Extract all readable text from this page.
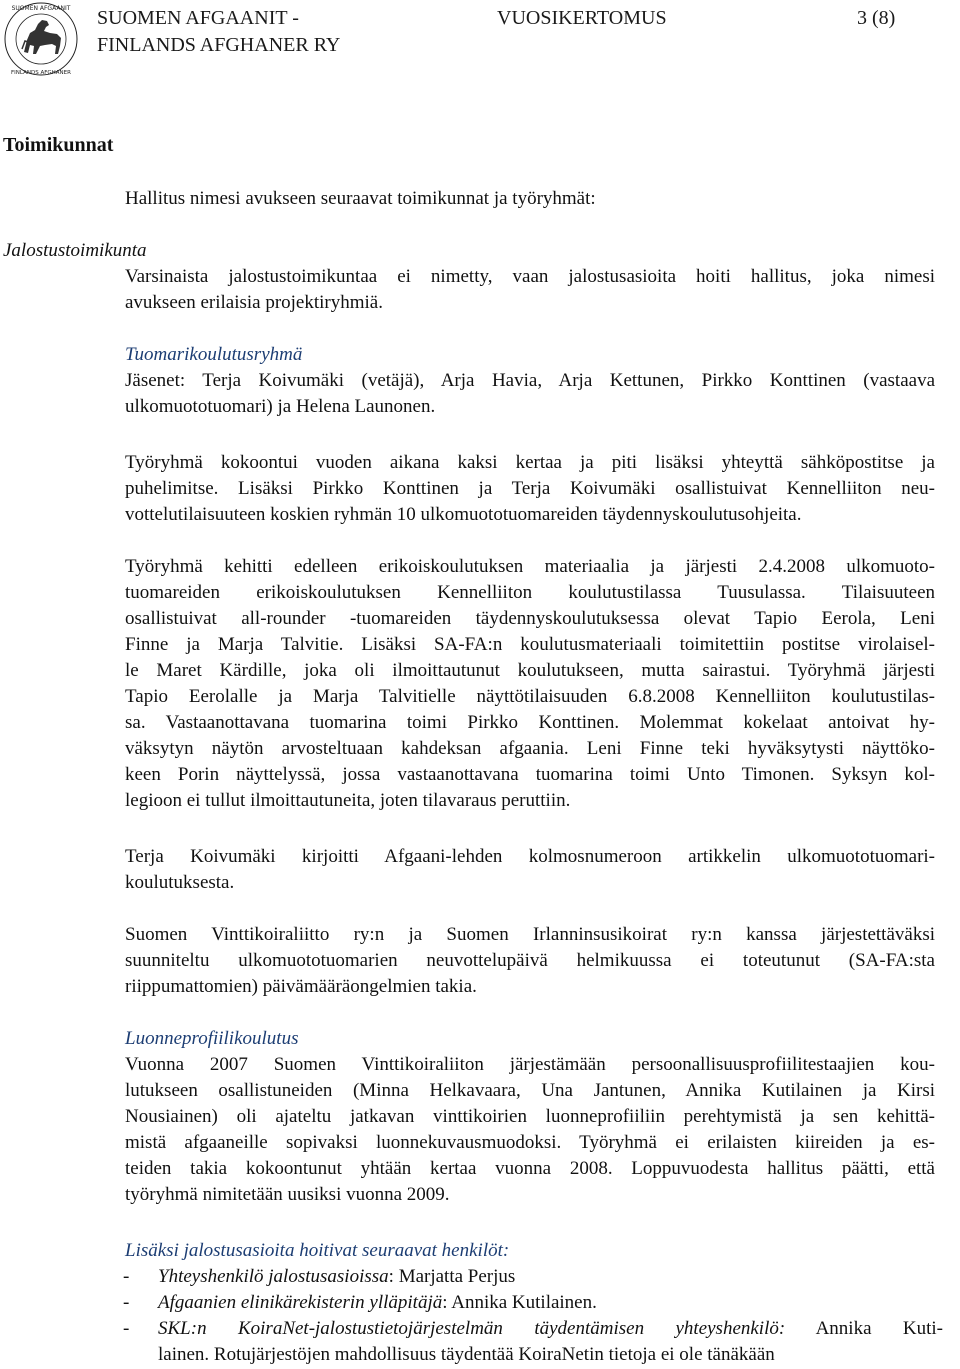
SUOMEN AFGAANIT
FINLANDS AFGHANER
SUOMEN AFGAANIT -
FINLANDS AFGHANER RY
VUOSIKERTOMUS	3 (8)
Toimikunnat
Hallitus nimesi avukseen seuraavat toimikunnat ja työryhmät:
Jalostustoimikunta
Varsinaista jalostustoimikuntaa ei nimetty, vaan jalostusasioita hoiti hallitus, joka nimesi
avukseen erilaisia projektiryhmiä.
Tuomarikoulutusryhmä
Jäsenet: Terja Koivumäki (vetäjä), Arja Havia, Arja Kettunen, Pirkko Konttinen (vastaava
ulkomuototuomari) ja Helena Launonen.
Työryhmä kokoontui vuoden aikana kaksi kertaa ja piti lisäksi yhteyttä sähköpostitse ja
puhelimitse. Lisäksi Pirkko Konttinen ja Terja Koivumäki osallistuivat Kennelliiton neu-
vottelutilaisuuteen koskien ryhmän 10 ulkomuototuomareiden täydennyskoulutusohjeita.
Työryhmä kehitti edelleen erikoiskoulutuksen materiaalia ja järjesti 2.4.2008 ulkomuoto-
tuomareiden erikoiskoulutuksen Kennelliiton koulutustilassa Tuusulassa. Tilaisuuteen
osallistuivat all-rounder -tuomareiden täydennyskoulutuksessa olevat Tapio Eerola, Leni
Finne ja Marja Talvitie. Lisäksi SA-FA:n koulutusmateriaali toimitettiin postitse virolaisel-
le Maret Kärdille, joka oli ilmoittautunut koulutukseen, mutta sairastui. Työryhmä järjesti
Tapio Eerolalle ja Marja Talvitielle näyttötilaisuuden 6.8.2008 Kennelliiton koulutustilas-
sa. Vastaanottavana tuomarina toimi Pirkko Konttinen. Molemmat kokelaat antoivat hy-
väksytyn näytön arvosteltuaan kahdeksan afgaania. Leni Finne teki hyväksytysti näyttöko-
keen Porin näyttelyssä, jossa vastaanottavana tuomarina toimi Unto Timonen. Syksyn kol-
legioon ei tullut ilmoittautuneita, joten tilavaraus peruttiin.
Terja Koivumäki kirjoitti Afgaani-lehden kolmosnumeroon artikkelin ulkomuototuomari-
koulutuksesta.
Suomen Vinttikoiraliitto ry:n ja Suomen Irlanninsusikoirat ry:n kanssa järjestettäväksi
suunniteltu ulkomuototuomarien neuvottelupäivä helmikuussa ei toteutunut (SA-FA:sta
riippumattomien) päivämääräongelmien takia.
Luonneprofiilikoulutus
Vuonna 2007 Suomen Vinttikoiraliiton järjestämään persoonallisuusprofiilitestaajien kou-
lutukseen osallistuneiden (Minna Helkavaara, Una Jantunen, Annika Kutilainen ja Kirsi
Nousiainen) oli ajateltu jatkavan vinttikoirien luonneprofiiliin perehtymistä ja sen kehittä-
mistä afgaaneille sopivaksi luonnekuvausmuodoksi. Työryhmä ei erilaisten kiireiden ja es-
teiden takia kokoontunut yhtään kertaa vuonna 2008. Loppuvuodesta hallitus päätti, että
työryhmä nimitetään uusiksi vuonna 2009.
Lisäksi jalostusasioita hoitivat seuraavat henkilöt:
- Yhteyshenkilö jalostusasioissa: Marjatta Perjus
- Afgaanien elinikärekisterin ylläpitäjä: Annika Kutilainen.
- SKL:n KoiraNet-jalostustietojärjestelmän täydentämisen yhteyshenkilö: Annika Kuti-
lainen. Rotujärjestöjen mahdollisuus täydentää KoiraNetin tietoja ei ole tänäkään
